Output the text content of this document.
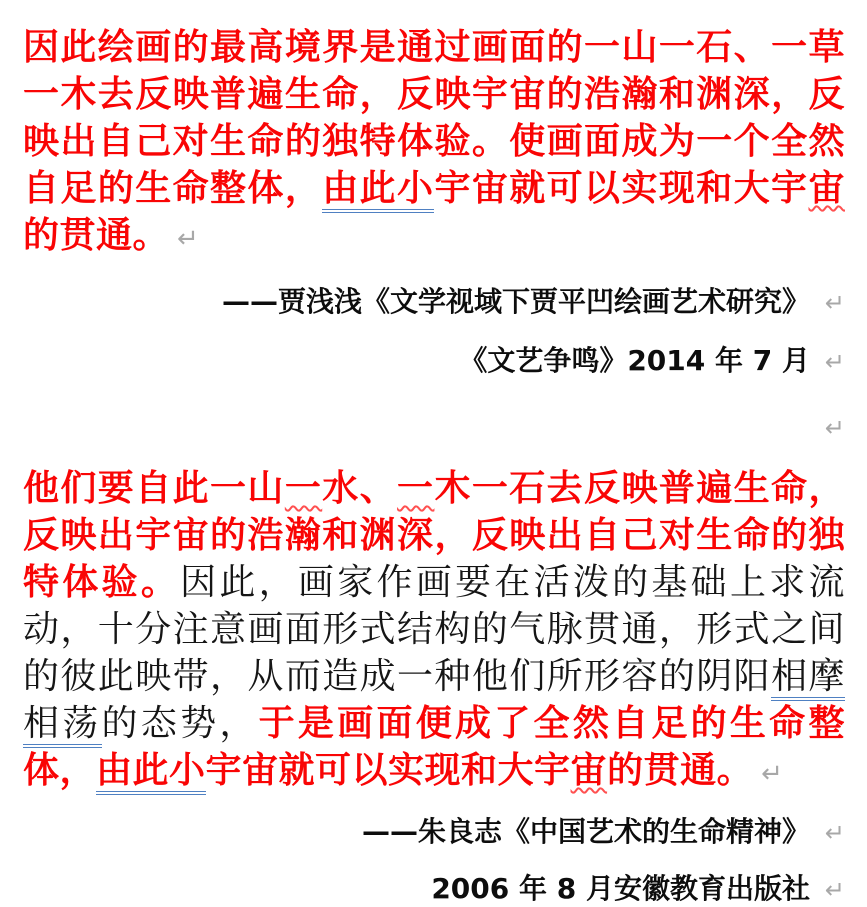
因此绘画的最高境界是通过画面的一山一石、一草一木去反映普遍生命，反映宇宙的浩瀚和渊深，反映出自己对生命的独特体验。使画面成为一个全然自足的生命整体，由此小宇宙就可以实现和大宇宙的贯通。 ↵

——贾浅浅《文学视域下贾平凹绘画艺术研究》 ↵
《文艺争鸣》2014 年 7 月 ↵
↵

他们要自此一山一水、一木一石去反映普遍生命，反映出宇宙的浩瀚和渊深，反映出自己对生命的独特体验。因此，画家作画要在活泼的基础上求流动，十分注意画面形式结构的气脉贯通，形式之间的彼此映带，从而造成一种他们所形容的阴阳相摩相荡的态势，于是画面便成了全然自足的生命整体，由此小宇宙就可以实现和大宇宙的贯通。 ↵

——朱良志《中国艺术的生命精神》 ↵
2006 年 8 月安徽教育出版社 ↵
